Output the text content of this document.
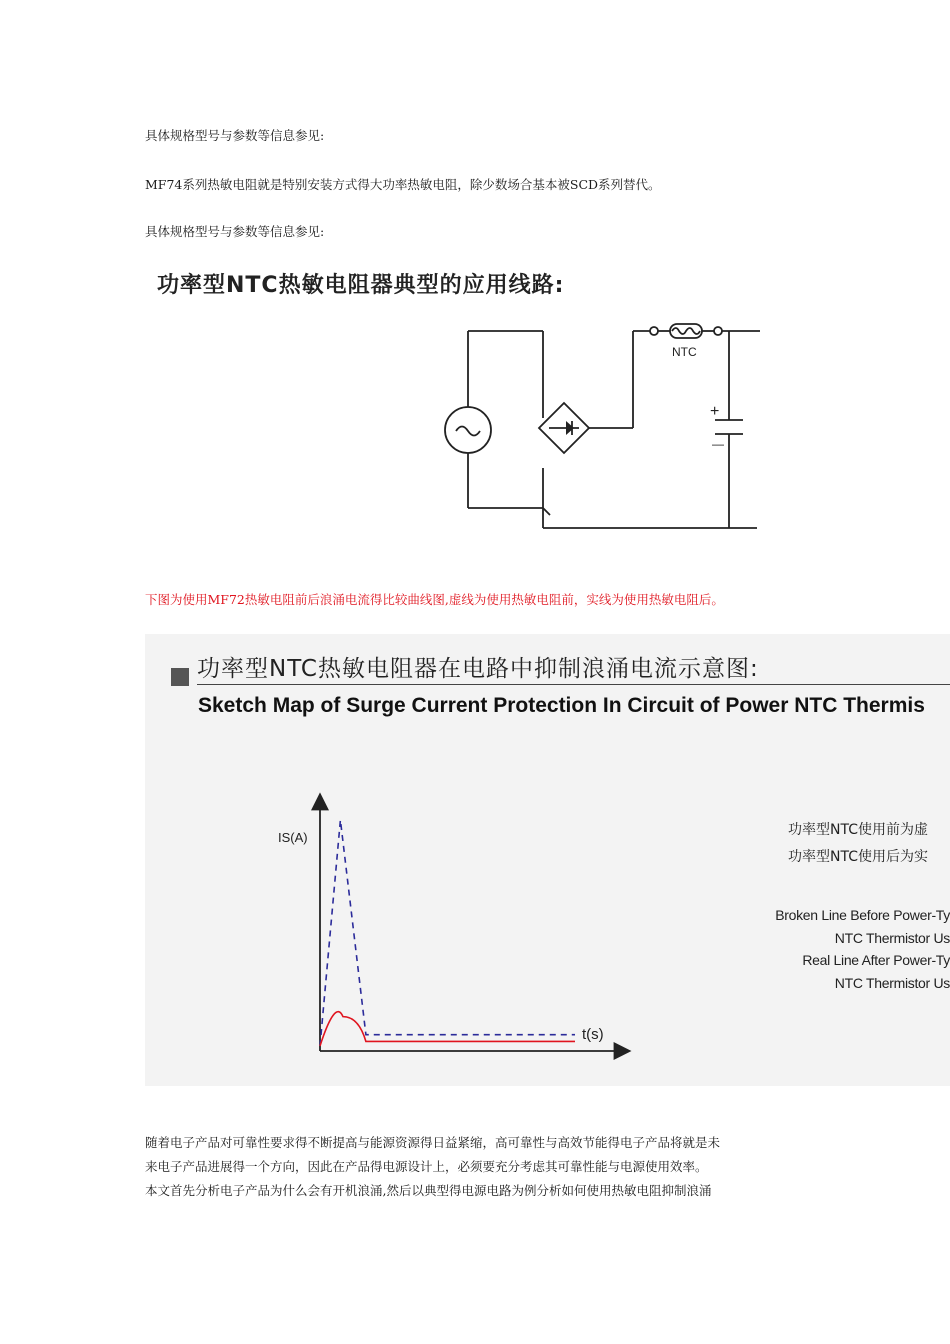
具体规格型号与参数等信息参见:
MF74系列热敏电阻就是特别安装方式得大功率热敏电阻，除少数场合基本被SCD系列替代。
具体规格型号与参数等信息参见:
功率型NTC热敏电阻器典型的应用线路:
NTC
+
—
下图为使用MF72热敏电阻前后浪涌电流得比较曲线图,虚线为使用热敏电阻前，实线为使用热敏电阻后。
功率型NTC热敏电阻器在电路中抑制浪涌电流示意图:
Sketch Map of Surge Current Protection In Circuit of Power NTC Thermis
IS(A)
t(s)
功率型NTC使用前为虚
功率型NTC使用后为实
Broken Line Before Power-Ty
NTC Thermistor Us
Real Line After Power-Ty
NTC Thermistor Us
随着电子产品对可靠性要求得不断提高与能源资源得日益紧缩，高可靠性与高效节能得电子产品将就是未
来电子产品进展得一个方向，因此在产品得电源设计上，必须要充分考虑其可靠性能与电源使用效率。
本文首先分析电子产品为什么会有开机浪涌,然后以典型得电源电路为例分析如何使用热敏电阻抑制浪涌
